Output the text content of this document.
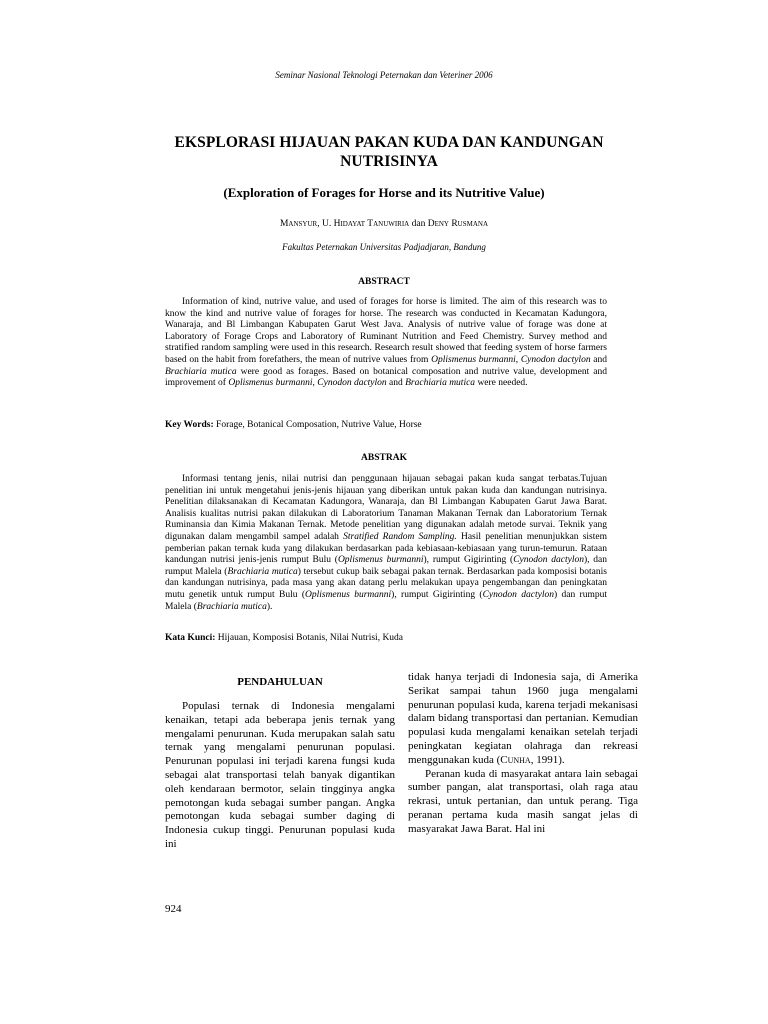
Seminar Nasional Teknologi Peternakan dan Veteriner 2006
EKSPLORASI HIJAUAN PAKAN KUDA DAN KANDUNGAN NUTRISINYA
(Exploration of Forages for Horse and its Nutritive Value)
Mansyur, U. Hidayat Tanuwiria dan Deny Rusmana
Fakultas Peternakan Universitas Padjadjaran, Bandung
ABSTRACT

Information of kind, nutrive value, and used of forages for horse is limited. The aim of this research was to know the kind and nutrive value of forages for horse. The research was conducted in Kecamatan Kadungora, Wanaraja, and Bl Limbangan Kabupaten Garut West Java. Analysis of nutrive value of forage was done at Laboratory of Forage Crops and Laboratory of Ruminant Nutrition and Feed Chemistry. Survey method and stratified random sampling were used in this research. Research result showed that feeding system of horse farmers based on the habit from forefathers, the mean of nutrive values from Oplismenus burmanni, Cynodon dactylon and Brachiaria mutica were good as forages. Based on botanical composation and nutrive value, development and improvement of Oplismenus burmanni, Cynodon dactylon and Brachiaria mutica were needed.

Key Words: Forage, Botanical Composation, Nutrive Value, Horse
ABSTRAK

Informasi tentang jenis, nilai nutrisi dan penggunaan hijauan sebagai pakan kuda sangat terbatas.Tujuan penelitian ini untuk mengetahui jenis-jenis hijauan yang diberikan untuk pakan kuda dan kandungan nutrisinya. Penelitian dilaksanakan di Kecamatan Kadungora, Wanaraja, dan Bl Limbangan Kabupaten Garut Jawa Barat. Analisis kualitas nutrisi pakan dilakukan di Laboratorium Tanaman Makanan Ternak dan Laboratorium Ternak Ruminansia dan Kimia Makanan Ternak. Metode penelitian yang digunakan adalah metode survai. Teknik yang digunakan dalam mengambil sampel adalah Stratified Random Sampling. Hasil penelitian menunjukkan sistem pemberian pakan ternak kuda yang dilakukan berdasarkan pada kebiasaan-kebiasaan yang turun-temurun. Rataan kandungan nutrisi jenis-jenis rumput Bulu (Oplismenus burmanni), rumput Gigirinting (Cynodon dactylon), dan rumput Malela (Brachiaria mutica) tersebut cukup baik sebagai pakan ternak. Berdasarkan pada komposisi botanis dan kandungan nutrisinya, pada masa yang akan datang perlu melakukan upaya pengembangan dan peningkatan mutu genetik untuk rumput Bulu (Oplismenus burmanni), rumput Gigirinting (Cynodon dactylon) dan rumput Malela (Brachiaria mutica).

Kata Kunci: Hijauan, Komposisi Botanis, Nilai Nutrisi, Kuda
PENDAHULUAN

Populasi ternak di Indonesia mengalami kenaikan, tetapi ada beberapa jenis ternak yang mengalami penurunan. Kuda merupakan salah satu ternak yang mengalami penurunan populasi. Penurunan populasi ini terjadi karena fungsi kuda sebagai alat transportasi telah banyak digantikan oleh kendaraan bermotor, selain tingginya angka pemotongan kuda sebagai sumber pangan. Angka pemotongan kuda sebagai sumber daging di Indonesia cukup tinggi. Penurunan populasi kuda ini

tidak hanya terjadi di Indonesia saja, di Amerika Serikat sampai tahun 1960 juga mengalami penurunan populasi kuda, karena terjadi mekanisasi dalam bidang transportasi dan pertanian. Kemudian populasi kuda mengalami kenaikan setelah terjadi peningkatan kegiatan olahraga dan rekreasi menggunakan kuda (Cunha, 1991).

Peranan kuda di masyarakat antara lain sebagai sumber pangan, alat transportasi, olah raga atau rekrasi, untuk pertanian, dan untuk perang. Tiga peranan pertama kuda masih sangat jelas di masyarakat Jawa Barat. Hal ini

924
